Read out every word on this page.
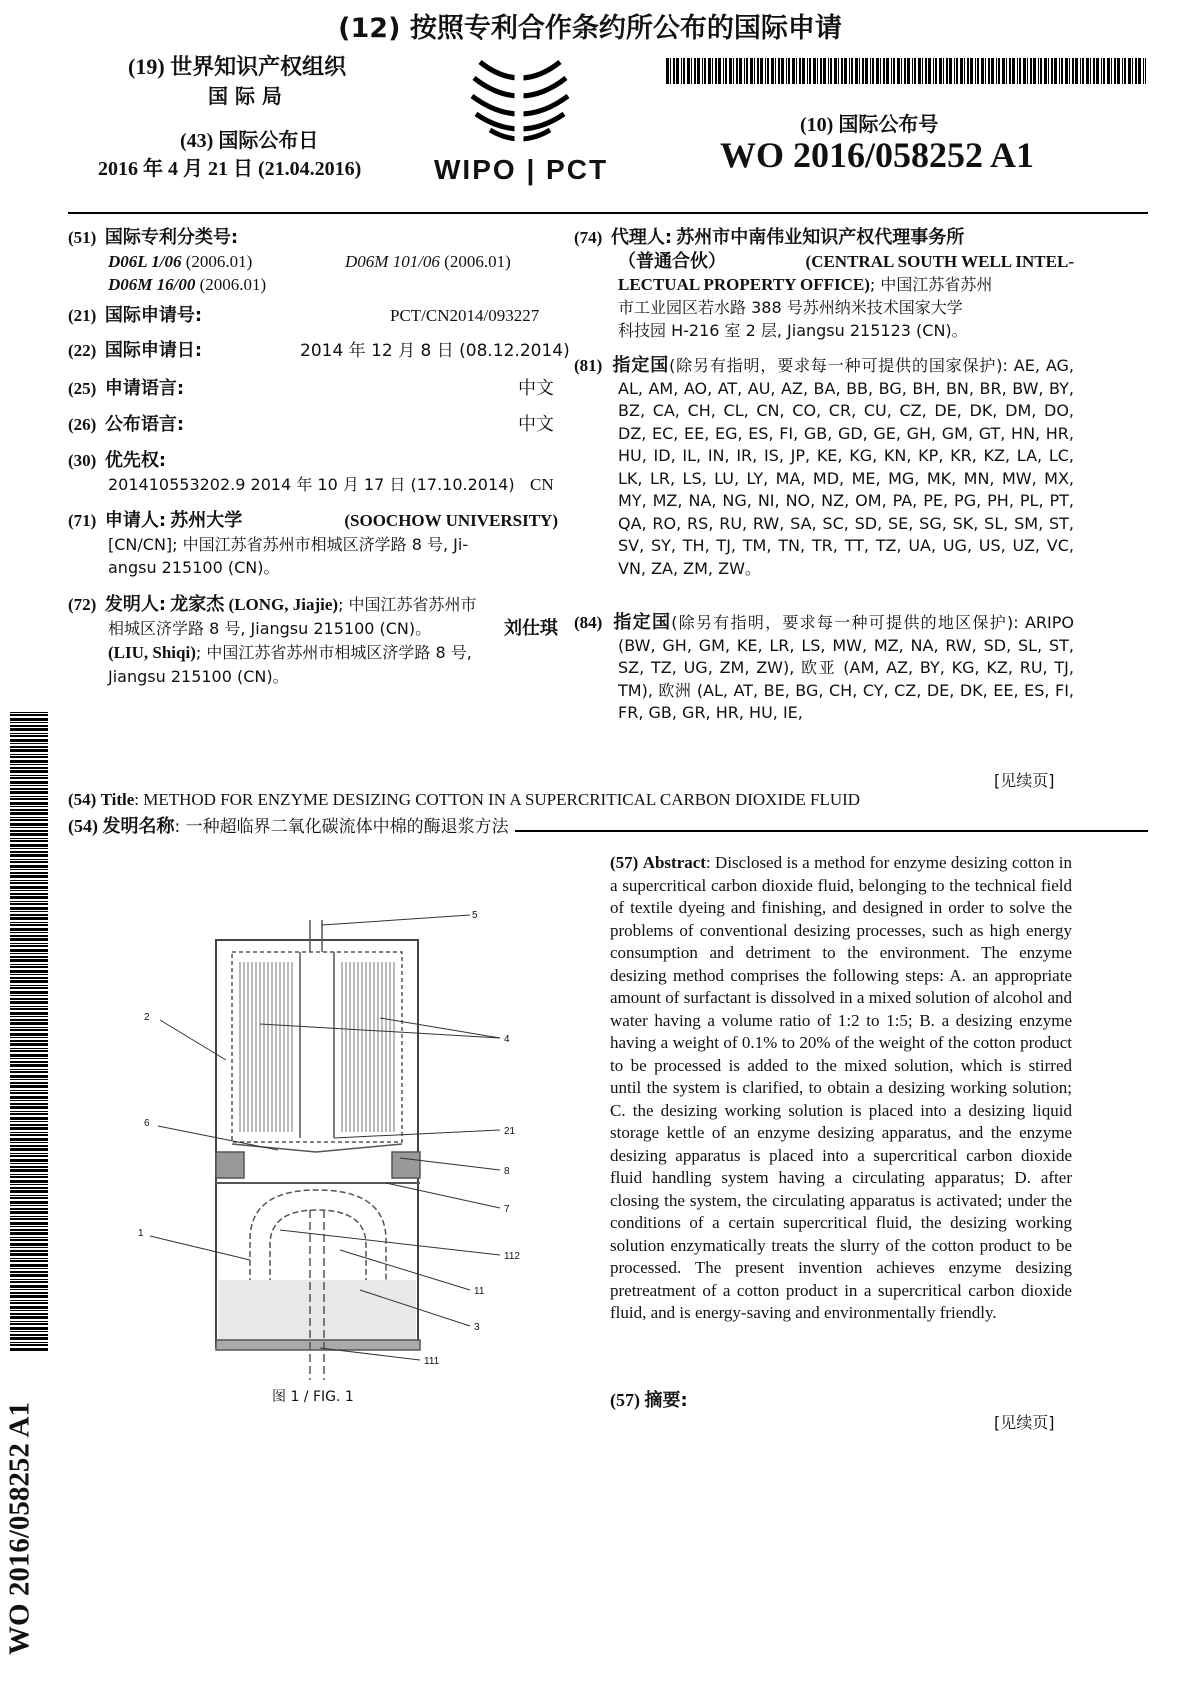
(12) 按照专利合作条约所公布的国际申请
(19) 世界知识产权组织
国 际 局
(43) 国际公布日
2016 年 4 月 21 日 (21.04.2016)	WIPO | PCT
(10) 国际公布号
WO 2016/058252 A1
(51) 国际专利分类号:
D06L 1/06 (2006.01)	D06M 101/06 (2006.01)
D06M 16/00 (2006.01)
(21) 国际申请号:	PCT/CN2014/093227
(22) 国际申请日:	2014 年 12 月 8 日 (08.12.2014)
(25) 申请语言:	中文
(26) 公布语言:	中文
(30) 优先权:
201410553202.9 2014 年 10 月 17 日 (17.10.2014) CN
(71) 申请人: 苏州大学	(SOOCHOW UNIVERSITY)
[CN/CN]; 中国江苏省苏州市相城区济学路 8 号, Ji-
angsu 215100 (CN)。
(72) 发明人: 龙家杰 (LONG, Jiajie); 中国江苏省苏州市
相城区济学路 8 号, Jiangsu 215100 (CN)。	刘仕琪
(LIU, Shiqi); 中国江苏省苏州市相城区济学路 8 号,
Jiangsu 215100 (CN)。
(74) 代理人: 苏州市中南伟业知识产权代理事务所
（普通合伙）	(CENTRAL SOUTH WELL INTEL-
LECTUAL PROPERTY OFFICE); 中国江苏省苏州
市工业园区若水路 388 号苏州纳米技术国家大学
科技园 H-216 室 2 层, Jiangsu 215123 (CN)。
(81) 指定国(除另有指明，要求每一种可提供的国家保护): AE, AG, AL, AM, AO, AT, AU, AZ, BA, BB, BG, BH, BN, BR, BW, BY, BZ, CA, CH, CL, CN, CO, CR, CU, CZ, DE, DK, DM, DO, DZ, EC, EE, EG, ES, FI, GB, GD, GE, GH, GM, GT, HN, HR, HU, ID, IL, IN, IR, IS, JP, KE, KG, KN, KP, KR, KZ, LA, LC, LK, LR, LS, LU, LY, MA, MD, ME, MG, MK, MN, MW, MX, MY, MZ, NA, NG, NI, NO, NZ, OM, PA, PE, PG, PH, PL, PT, QA, RO, RS, RU, RW, SA, SC, SD, SE, SG, SK, SL, SM, ST, SV, SY, TH, TJ, TM, TN, TR, TT, TZ, UA, UG, US, UZ, VC, VN, ZA, ZM, ZW。
(84) 指定国(除另有指明，要求每一种可提供的地区保护): ARIPO (BW, GH, GM, KE, LR, LS, MW, MZ, NA, RW, SD, SL, ST, SZ, TZ, UG, ZM, ZW), 欧亚 (AM, AZ, BY, KG, KZ, RU, TJ, TM), 欧洲 (AL, AT, BE, BG, CH, CY, CZ, DE, DK, EE, ES, FI, FR, GB, GR, HR, HU, IE,
[见续页]
(54) Title: METHOD FOR ENZYME DESIZING COTTON IN A SUPERCRITICAL CARBON DIOXIDE FLUID
(54) 发明名称: 一种超临界二氧化碳流体中棉的酶退浆方法
5
2
4
6
21
8
7
1
112
11
3
111
图 1 / FIG. 1
(57) Abstract: Disclosed is a method for enzyme desizing cotton in a supercritical carbon dioxide fluid, belonging to the technical field of textile dyeing and finishing, and designed in order to solve the problems of conventional desizing processes, such as high energy consumption and detriment to the environment. The enzyme desizing method comprises the following steps: A. an appropriate amount of surfactant is dissolved in a mixed solution of alcohol and water having a volume ratio of 1:2 to 1:5; B. a desizing enzyme having a weight of 0.1% to 20% of the weight of the cotton product to be processed is added to the mixed solution, which is stirred until the system is clarified, to obtain a desizing working solution; C. the desizing working solution is placed into a desizing liquid storage kettle of an enzyme desizing apparatus, and the enzyme desizing apparatus is placed into a supercritical carbon dioxide fluid handling system having a circulating apparatus; D. after closing the system, the circulating apparatus is activated; under the conditions of a certain supercritical fluid, the desizing working solution enzymatically treats the slurry of the cotton product to be processed. The present invention achieves enzyme desizing pretreatment of a cotton product in a supercritical carbon dioxide fluid, and is energy-saving and environmentally friendly.
(57) 摘要:
[见续页]
WO 2016/058252 A1
